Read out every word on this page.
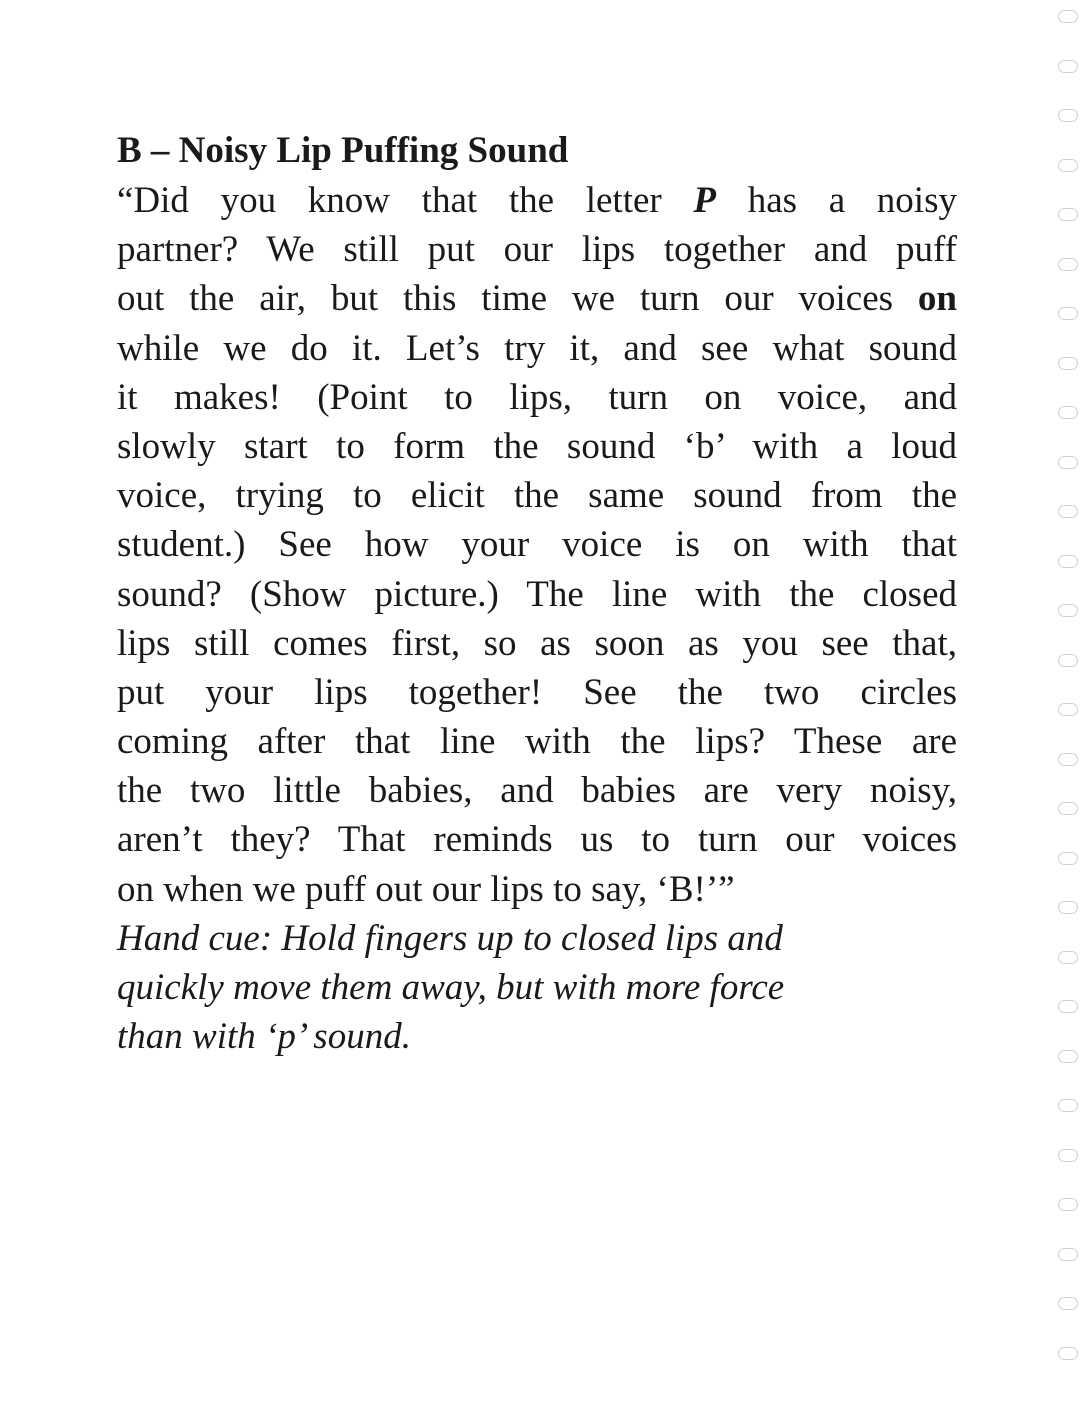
B – Noisy Lip Puffing Sound
“Did you know that the letter P has a noisy
partner? We still put our lips together and puff
out the air, but this time we turn our voices on
while we do it. Let’s try it, and see what sound
it makes! (Point to lips, turn on voice, and
slowly start to form the sound ‘b’ with a loud
voice, trying to elicit the same sound from the
student.) See how your voice is on with that
sound? (Show picture.) The line with the closed
lips still comes first, so as soon as you see that,
put your lips together! See the two circles
coming after that line with the lips? These are
the two little babies, and babies are very noisy,
aren’t they? That reminds us to turn our voices
on when we puff out our lips to say, ‘B!’”
Hand cue: Hold fingers up to closed lips and
quickly move them away, but with more force
than with ‘p’ sound.
